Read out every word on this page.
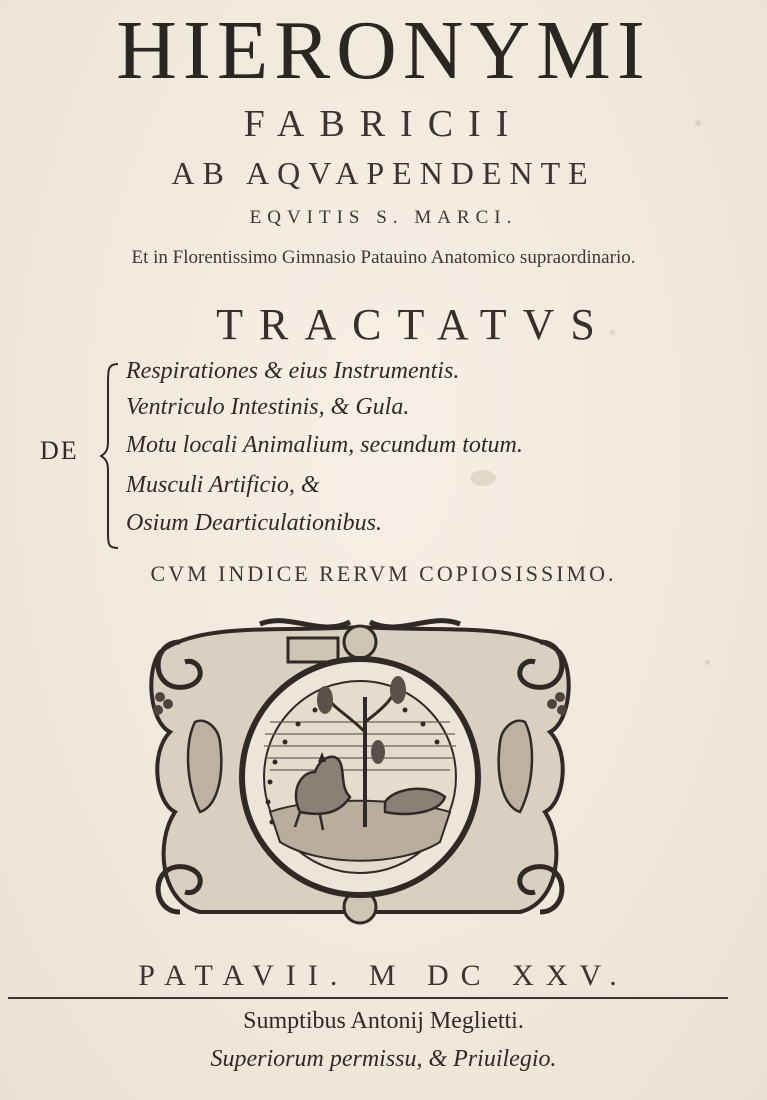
HIERONYMI
FABRICII
AB AQVAPENDENTE
EQVITIS S. MARCI.
Et in Florentissimo Gimnasio Patauino Anatomico supraordinario.
TRACTATVS
DE
Respirationes & eius Instrumentis.
Ventriculo Intestinis, & Gula.
Motu locali Animalium, secundum totum.
Musculi Artificio, &
Osium Dearticulationibus.
CVM INDICE RERVM COPIOSISSIMO.
PATAVII. M DC XXV.
Sumptibus Antonij Meglietti.
Superiorum permissu, & Priuilegio.
